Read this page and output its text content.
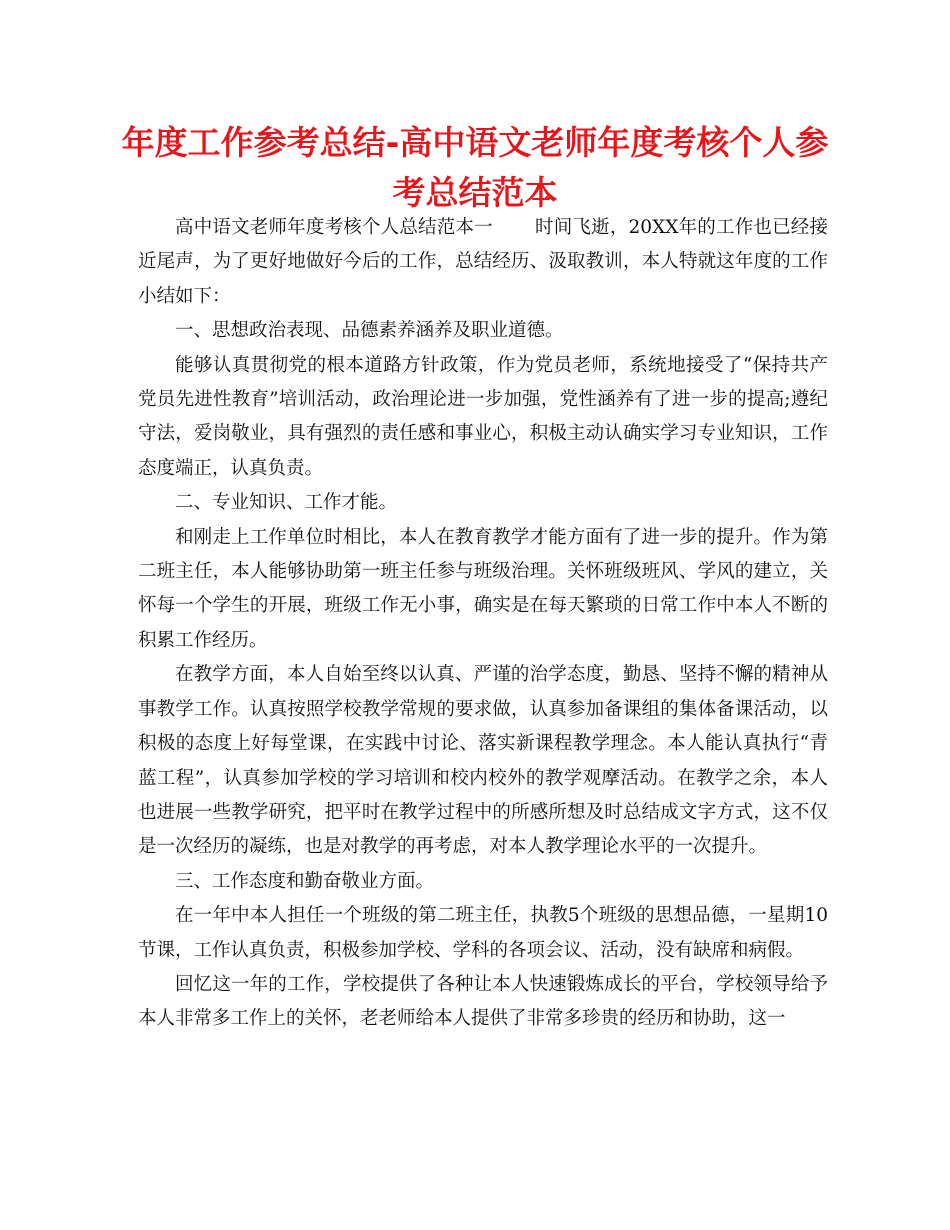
年度工作参考总结-高中语文老师年度考核个人参考总结范本

高中语文老师年度考核个人总结范本一 时间飞逝，20XX年的工作也已经接近尾声，为了更好地做好今后的工作，总结经历、汲取教训，本人特就这年度的工作小结如下：

一、思想政治表现、品德素养涵养及职业道德。

能够认真贯彻党的根本道路方针政策，作为党员老师，系统地接受了“保持共产党员先进性教育”培训活动，政治理论进一步加强，党性涵养有了进一步的提高;遵纪守法，爱岗敬业，具有强烈的责任感和事业心，积极主动认确实学习专业知识，工作态度端正，认真负责。

二、专业知识、工作才能。

和刚走上工作单位时相比，本人在教育教学才能方面有了进一步的提升。作为第二班主任，本人能够协助第一班主任参与班级治理。关怀班级班风、学风的建立，关怀每一个学生的开展，班级工作无小事，确实是在每天繁琐的日常工作中本人不断的积累工作经历。

在教学方面，本人自始至终以认真、严谨的治学态度，勤恳、坚持不懈的精神从事教学工作。认真按照学校教学常规的要求做，认真参加备课组的集体备课活动，以积极的态度上好每堂课，在实践中讨论、落实新课程教学理念。本人能认真执行“青蓝工程”，认真参加学校的学习培训和校内校外的教学观摩活动。在教学之余，本人也进展一些教学研究，把平时在教学过程中的所感所想及时总结成文字方式，这不仅是一次经历的凝练，也是对教学的再考虑，对本人教学理论水平的一次提升。

三、工作态度和勤奋敬业方面。

在一年中本人担任一个班级的第二班主任，执教5个班级的思想品德，一星期10节课，工作认真负责，积极参加学校、学科的各项会议、活动，没有缺席和病假。

回忆这一年的工作，学校提供了各种让本人快速锻炼成长的平台，学校领导给予本人非常多工作上的关怀，老老师给本人提供了非常多珍贵的经历和协助，这一
